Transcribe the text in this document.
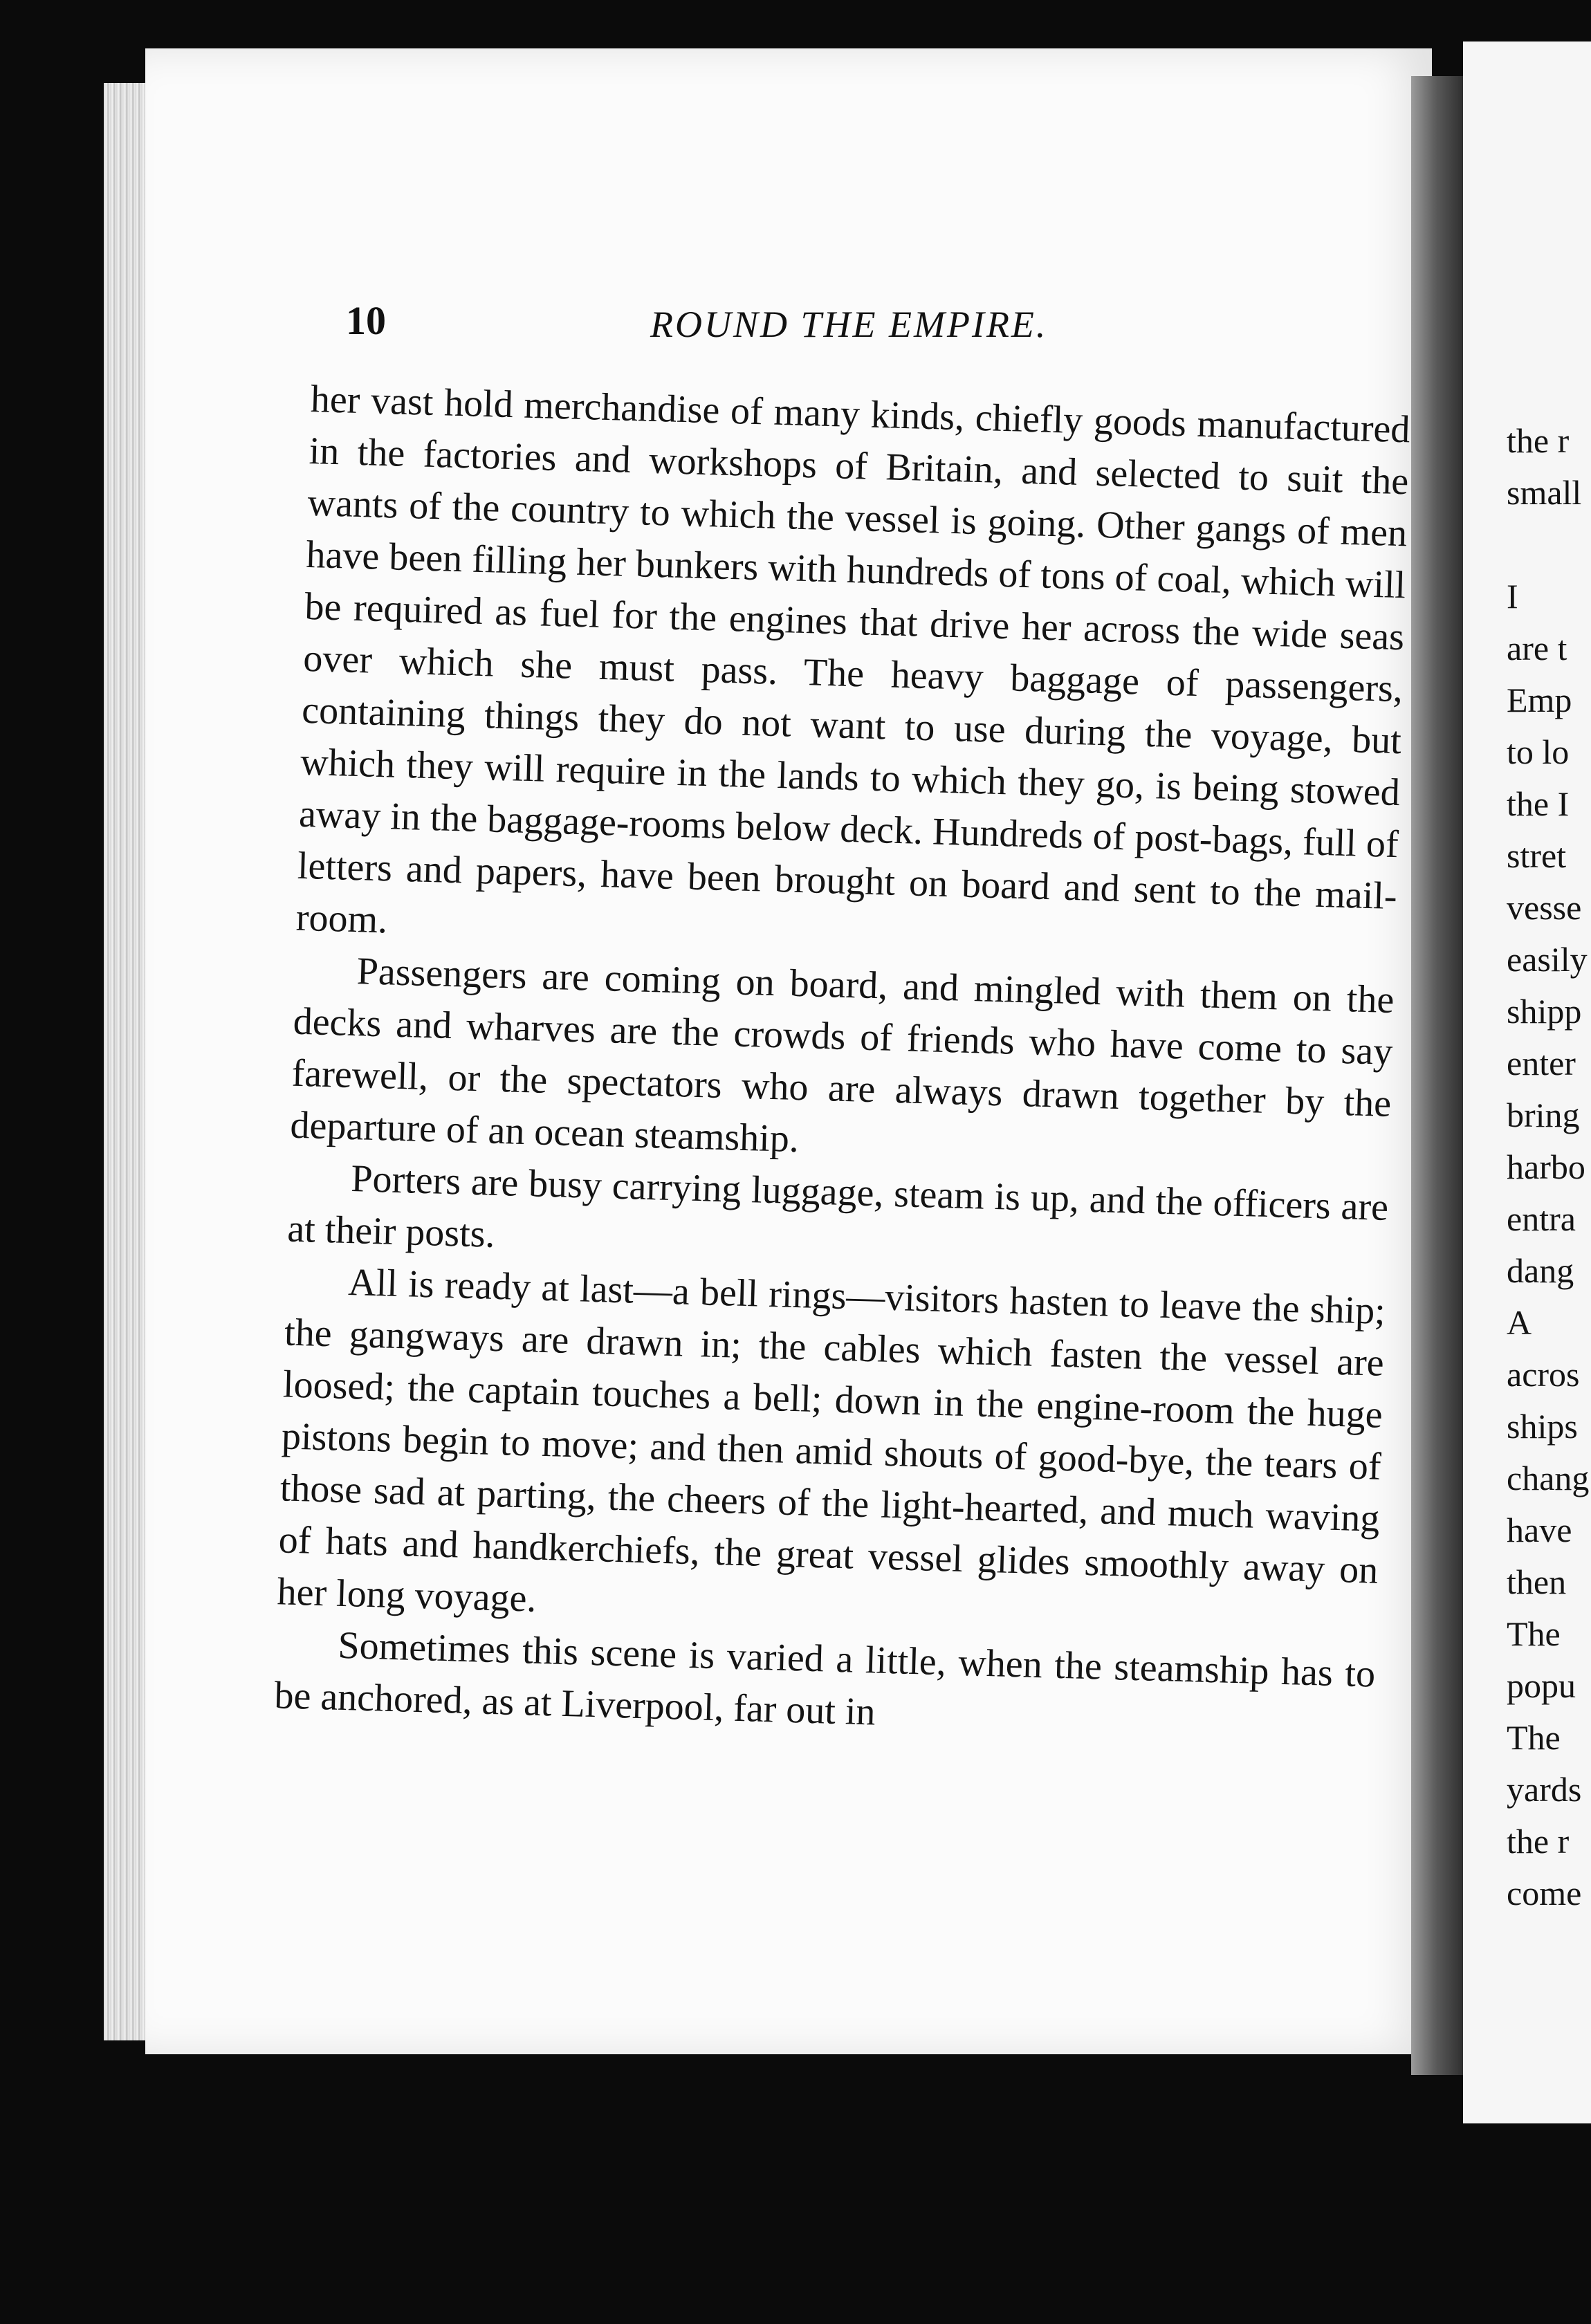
10	ROUND THE EMPIRE.

her vast hold merchandise of many kinds, chiefly goods manufactured in the factories and workshops of Britain, and selected to suit the wants of the country to which the vessel is going. Other gangs of men have been filling her bunkers with hundreds of tons of coal, which will be required as fuel for the engines that drive her across the wide seas over which she must pass. The heavy baggage of passengers, containing things they do not want to use during the voyage, but which they will require in the lands to which they go, is being stowed away in the baggage-rooms below deck. Hundreds of post-bags, full of letters and papers, have been brought on board and sent to the mail-room.

Passengers are coming on board, and mingled with them on the decks and wharves are the crowds of friends who have come to say farewell, or the spectators who are always drawn together by the departure of an ocean steamship.

Porters are busy carrying luggage, steam is up, and the officers are at their posts.

All is ready at last—a bell rings—visitors hasten to leave the ship; the gangways are drawn in; the cables which fasten the vessel are loosed; the captain touches a bell; down in the engine-room the huge pistons begin to move; and then amid shouts of good-bye, the tears of those sad at parting, the cheers of the light-hearted, and much waving of hats and handkerchiefs, the great vessel glides smoothly away on her long voyage.

Sometimes this scene is varied a little, when the steamship has to be anchored, as at Liverpool, far out in

the r
small
I
are t
Emp
to lo
the I
stret
vesse
easily
shipp
enter
bring
harbo
entra
dang
A
acros
ships
chang
have
then
The
popu
The
yards
the r
come
